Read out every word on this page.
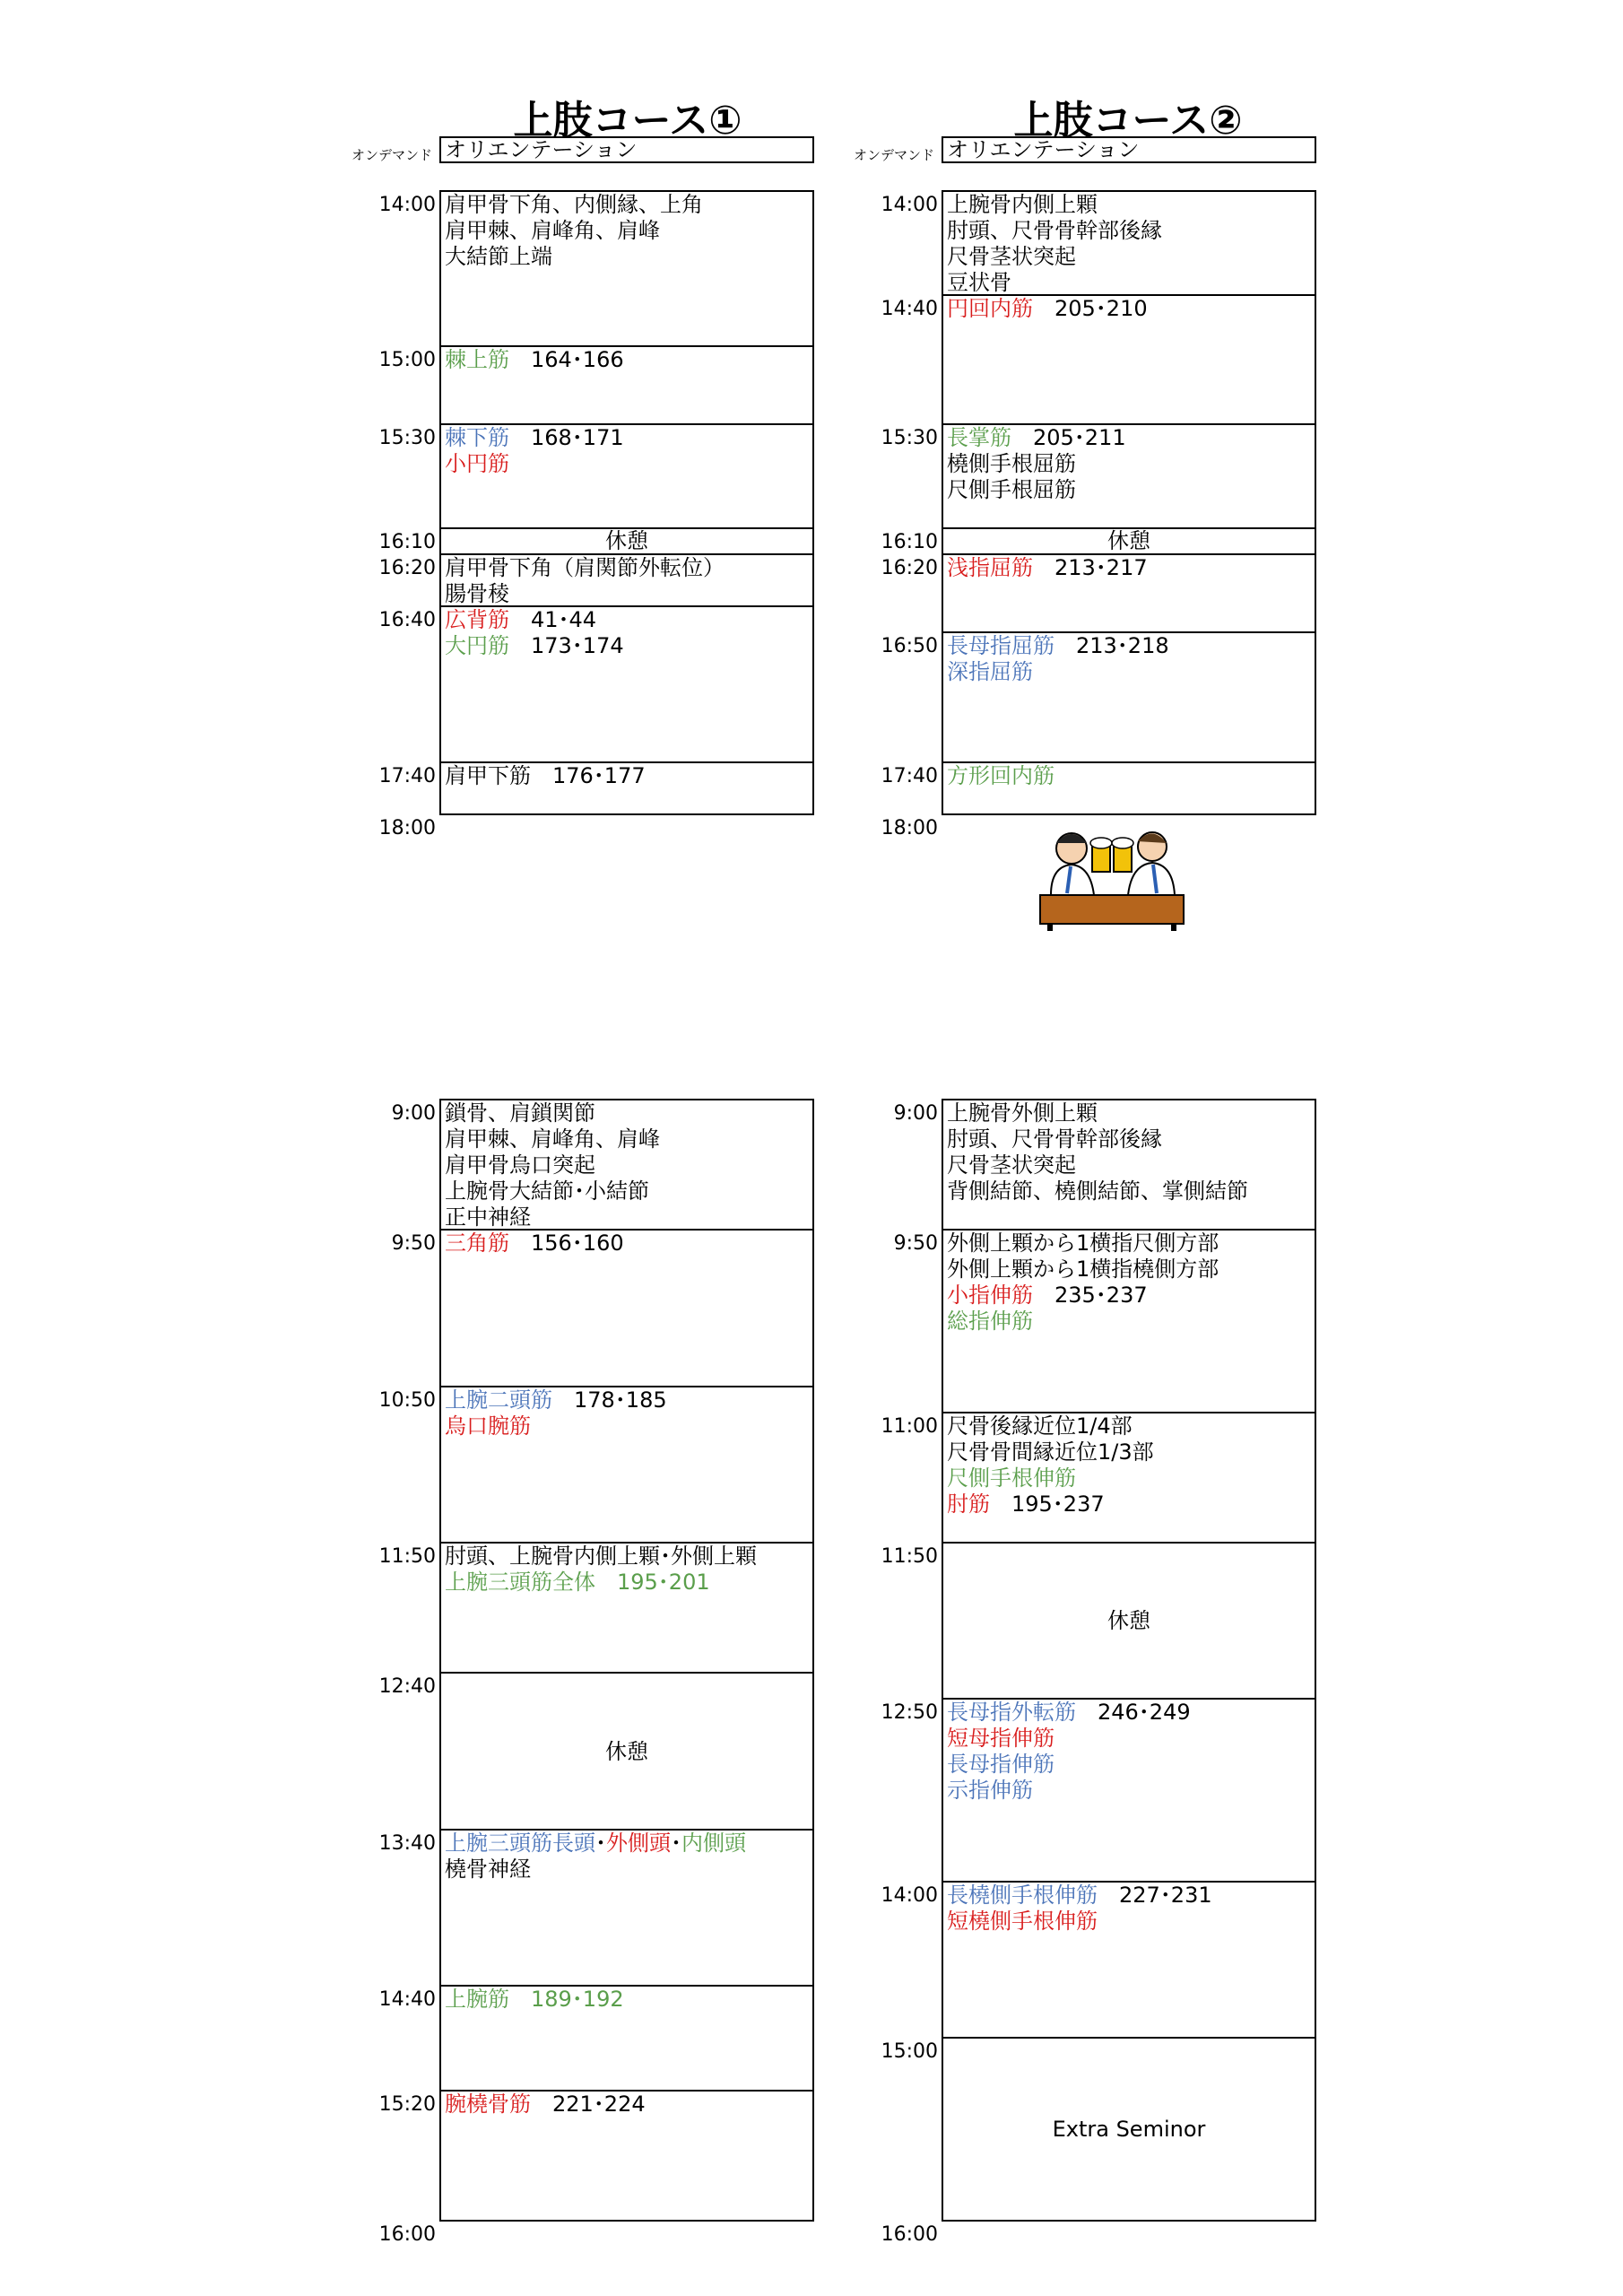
上肢コース①	上肢コース②
オンデマンド オリエンテーション	オンデマンド オリエンテーション
14:00 肩甲骨下角、内側縁、上角
肩甲棘、肩峰角、肩峰
大結節上端
15:00 棘上筋　164･166
15:30 棘下筋　168･171
小円筋
16:10	休憩
16:20 肩甲骨下角（肩関節外転位）
腸骨稜
16:40 広背筋　41･44
大円筋　173･174
17:40 肩甲下筋　176･177
18:00
9:00 鎖骨、肩鎖関節
肩甲棘、肩峰角、肩峰
肩甲骨烏口突起
上腕骨大結節･小結節
正中神経
9:50 三角筋　156･160
10:50 上腕二頭筋　178･185
烏口腕筋
11:50 肘頭、上腕骨内側上顆･外側上顆
上腕三頭筋全体　195･201
12:40
休憩
13:40 上腕三頭筋長頭･外側頭･内側頭
橈骨神経
14:40 上腕筋　189･192
15:20 腕橈骨筋　221･224
16:00
14:00 上腕骨内側上顆
肘頭、尺骨骨幹部後縁
尺骨茎状突起
豆状骨
14:40 円回内筋　205･210
15:30 長掌筋　205･211
橈側手根屈筋
尺側手根屈筋
16:10	休憩
16:20 浅指屈筋　213･217
16:50 長母指屈筋　213･218
深指屈筋
17:40 方形回内筋
18:00
9:00 上腕骨外側上顆
肘頭、尺骨骨幹部後縁
尺骨茎状突起
背側結節、橈側結節、掌側結節
9:50 外側上顆から1横指尺側方部
外側上顆から1横指橈側方部
小指伸筋　235･237
総指伸筋
11:00 尺骨後縁近位1/4部
尺骨骨間縁近位1/3部
尺側手根伸筋
肘筋　195･237
11:50
休憩
12:50 長母指外転筋　246･249
短母指伸筋
長母指伸筋
示指伸筋
14:00 長橈側手根伸筋　227･231
短橈側手根伸筋
15:00
Extra Seminor
16:00
